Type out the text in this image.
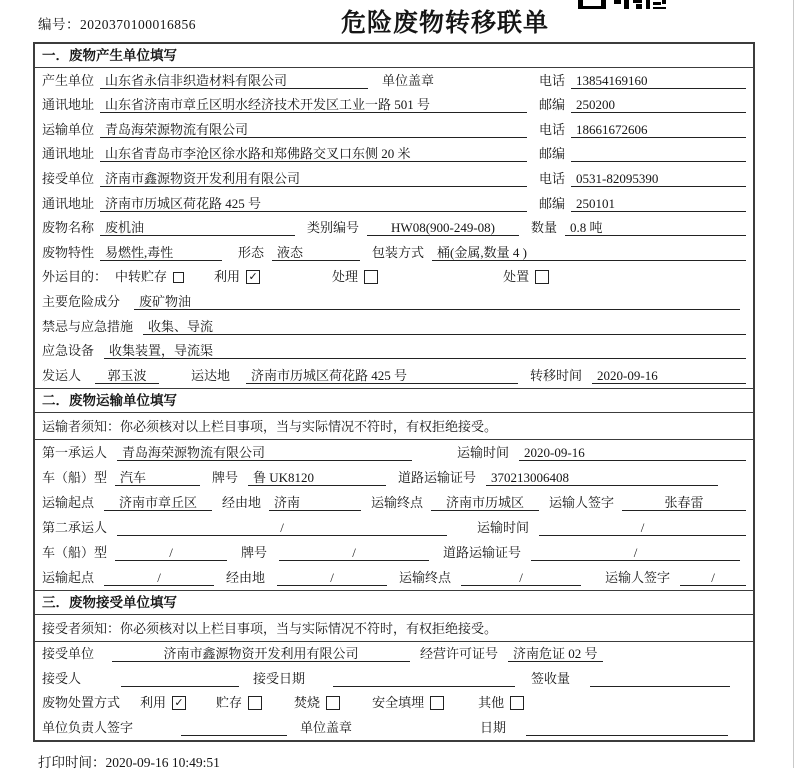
编号：2020370100016856	危险废物转移联单
一．废物产生单位填写
产生单位 山东省永信非织造材料有限公司	单位盖章	电话 13854169160
通讯地址 山东省济南市章丘区明水经济技术开发区工业一路 501 号	邮编 250200
运输单位 青岛海荣源物流有限公司	电话 18661672606
通讯地址 山东省青岛市李沧区徐水路和郑佛路交叉口东侧 20 米	邮编
接受单位 济南市鑫源物资开发利用有限公司	电话 0531-82095390
通讯地址 济南市历城区荷花路 425 号	邮编 250101
废物名称 废机油	类别编号	HW08(900-249-08)	数量	0.8 吨
废物特性 易燃性,毒性	形态	液态	包装方式	桶(金属,数量 4 )
外运目的： 中转贮存	利用 ✓	处理	处置
主要危险成分	废矿物油
禁忌与应急措施	收集、导流
应急设备	收集装置，导流渠
发运人	郭玉波	运达地	济南市历城区荷花路 425 号	转移时间	2020-09-16
二．废物运输单位填写
运输者须知：你必须核对以上栏目事项，当与实际情况不符时，有权拒绝接受。
第一承运人	青岛海荣源物流有限公司	运输时间	2020-09-16
车（船）型	汽车	牌号	鲁 UK8120	道路运输证号	370213006408
运输起点	济南市章丘区	经由地	济南	运输终点	济南市历城区	运输人签字	张春雷
第二承运人	/	运输时间	/
车（船）型	/	牌号	/	道路运输证号	/
运输起点	/	经由地	/	运输终点	/	运输人签字	/
三．废物接受单位填写
接受者须知：你必须核对以上栏目事项，当与实际情况不符时，有权拒绝接受。
接受单位	济南市鑫源物资开发利用有限公司	经营许可证号	济南危证 02 号
接受人	接受日期	签收量
废物处置方式 利用 ✓ 贮存	焚烧	安全填埋	其他
单位负责人签字	单位盖章	日期
打印时间：2020-09-16 10:49:51
